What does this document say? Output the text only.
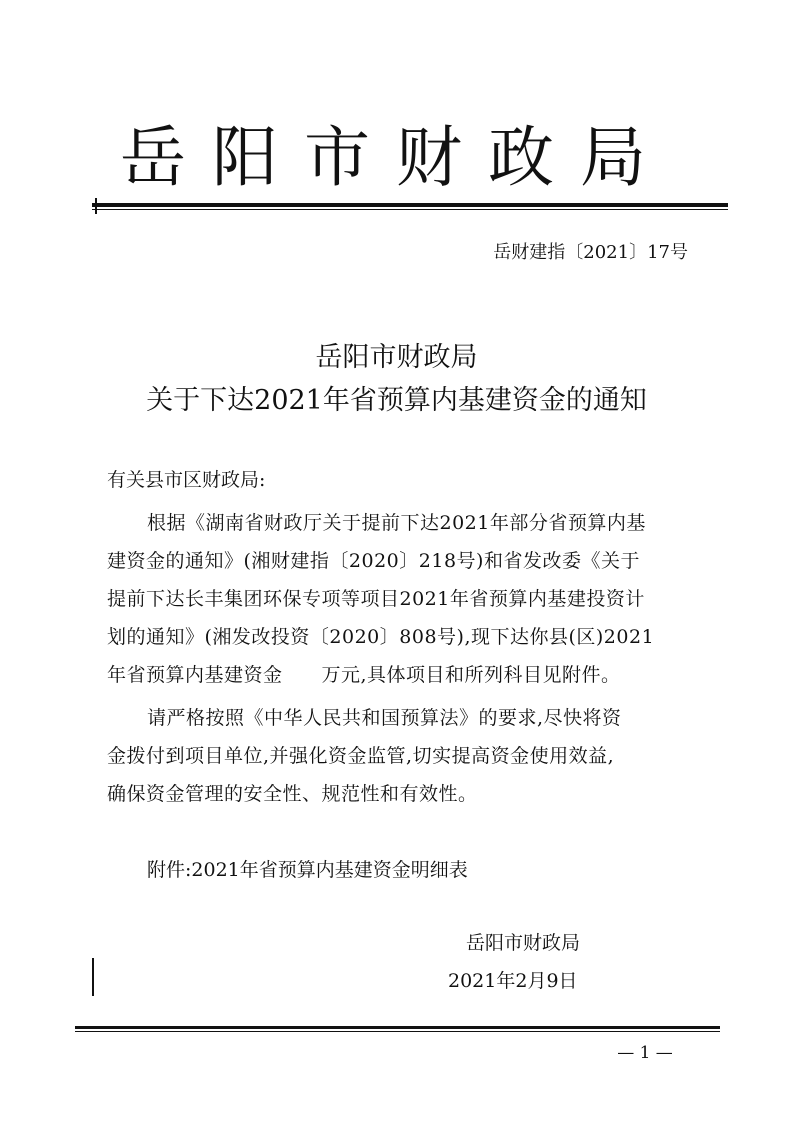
岳阳市财政局
岳财建指〔2021〕17号
岳阳市财政局
关于下达2021年省预算内基建资金的通知
有关县市区财政局:
根据《湖南省财政厅关于提前下达2021年部分省预算内基
建资金的通知》(湘财建指〔2020〕218号)和省发改委《关于
提前下达长丰集团环保专项等项目2021年省预算内基建投资计
划的通知》(湘发改投资〔2020〕808号),现下达你县(区)2021
年省预算内基建资金　　万元,具体项目和所列科目见附件。
请严格按照《中华人民共和国预算法》的要求,尽快将资
金拨付到项目单位,并强化资金监管,切实提高资金使用效益,
确保资金管理的安全性、规范性和有效性。
附件:2021年省预算内基建资金明细表
岳阳市财政局
2021年2月9日
— 1 —
